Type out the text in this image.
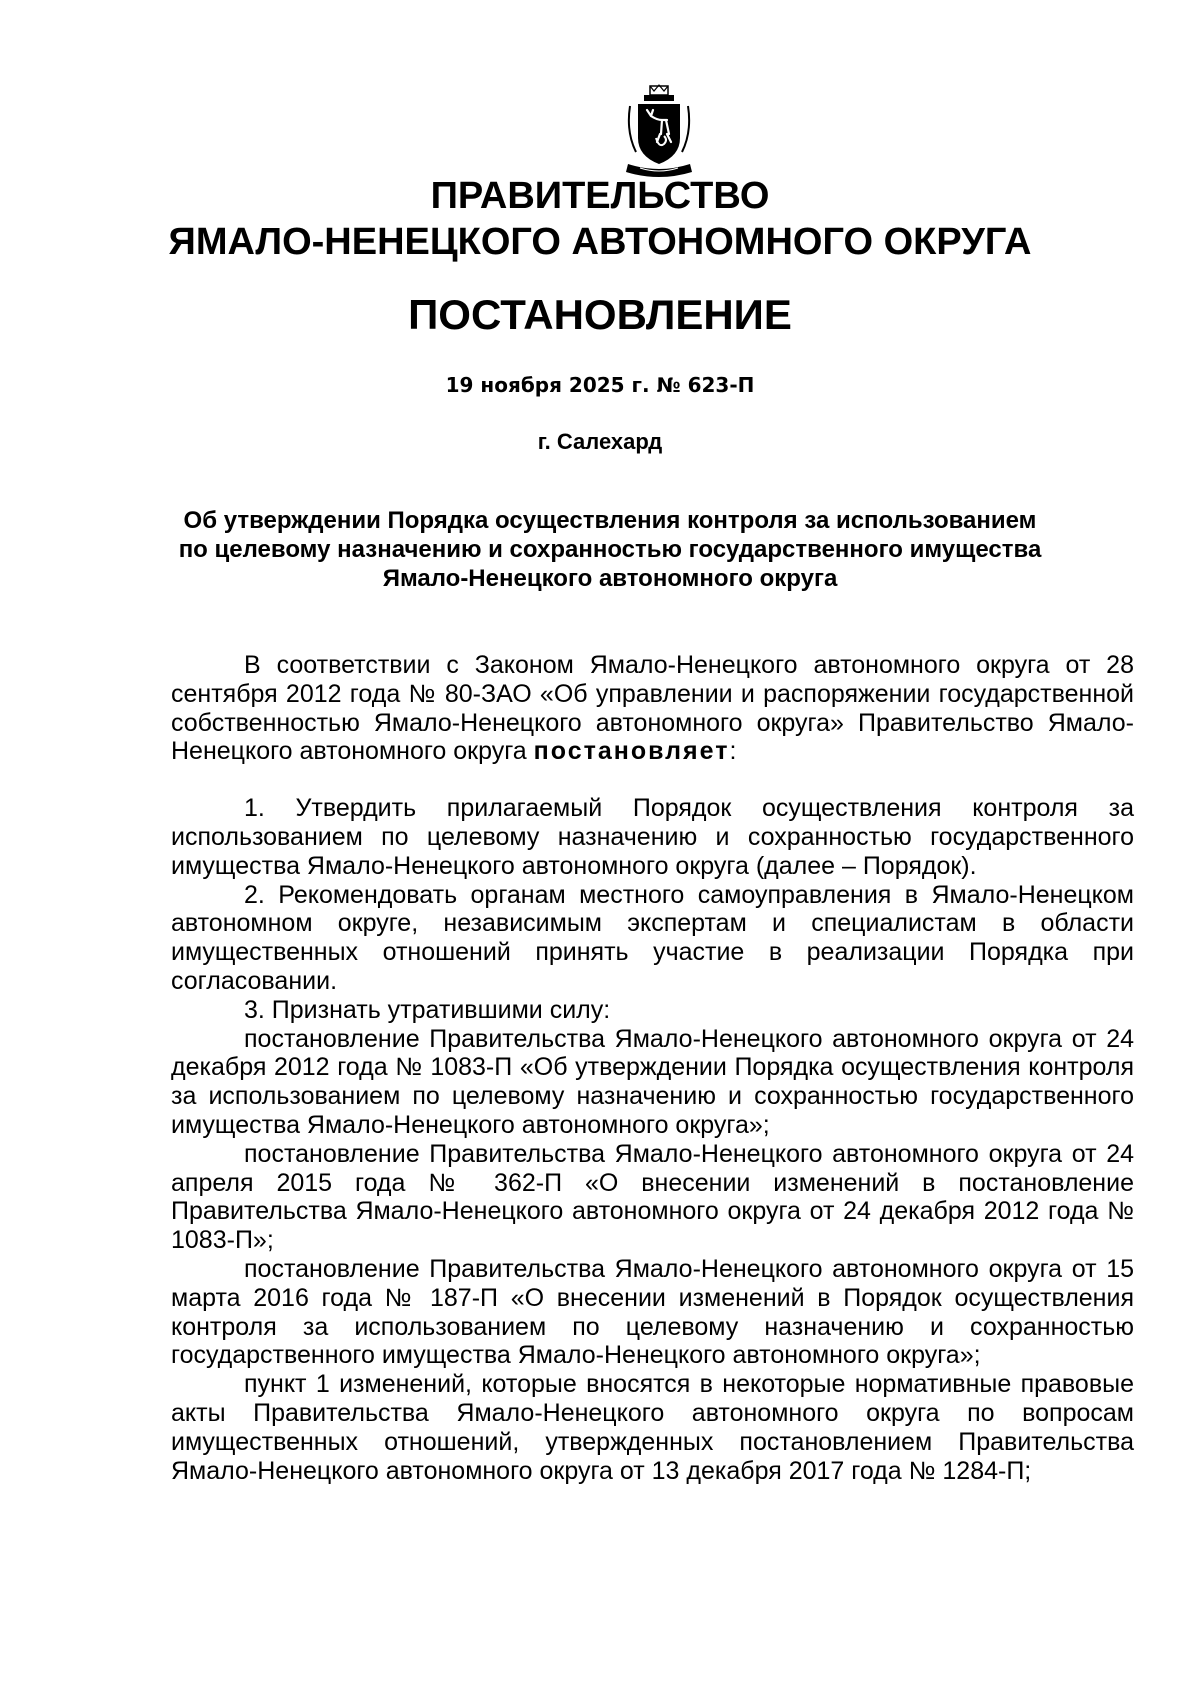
ПРАВИТЕЛЬСТВО
ЯМАЛО-НЕНЕЦКОГО АВТОНОМНОГО ОКРУГА
ПОСТАНОВЛЕНИЕ
19 ноября 2025 г. № 623-П
г. Салехард
Об утверждении Порядка осуществления контроля за использованием по целевому назначению и сохранностью государственного имущества Ямало-Ненецкого автономного округа

В соответствии с Законом Ямало-Ненецкого автономного округа от 28 сентября 2012 года № 80-ЗАО «Об управлении и распоряжении государственной собственностью Ямало-Ненецкого автономного округа» Правительство Ямало-Ненецкого автономного округа постановляет:

1. Утвердить прилагаемый Порядок осуществления контроля за использованием по целевому назначению и сохранностью государственного имущества Ямало-Ненецкого автономного округа (далее – Порядок).

2. Рекомендовать органам местного самоуправления в Ямало-Ненецком автономном округе, независимым экспертам и специалистам в области имущественных отношений принять участие в реализации Порядка при согласовании.

3. Признать утратившими силу:

постановление Правительства Ямало-Ненецкого автономного округа от 24 декабря 2012 года № 1083-П «Об утверждении Порядка осуществления контроля за использованием по целевому назначению и сохранностью государственного имущества Ямало-Ненецкого автономного округа»;

постановление Правительства Ямало-Ненецкого автономного округа от 24 апреля 2015 года № 362-П «О внесении изменений в постановление Правительства Ямало-Ненецкого автономного округа от 24 декабря 2012 года № 1083-П»;

постановление Правительства Ямало-Ненецкого автономного округа от 15 марта 2016 года № 187-П «О внесении изменений в Порядок осуществления контроля за использованием по целевому назначению и сохранностью государственного имущества Ямало-Ненецкого автономного округа»;

пункт 1 изменений, которые вносятся в некоторые нормативные правовые акты Правительства Ямало-Ненецкого автономного округа по вопросам имущественных отношений, утвержденных постановлением Правительства Ямало-Ненецкого автономного округа от 13 декабря 2017 года № 1284-П;
